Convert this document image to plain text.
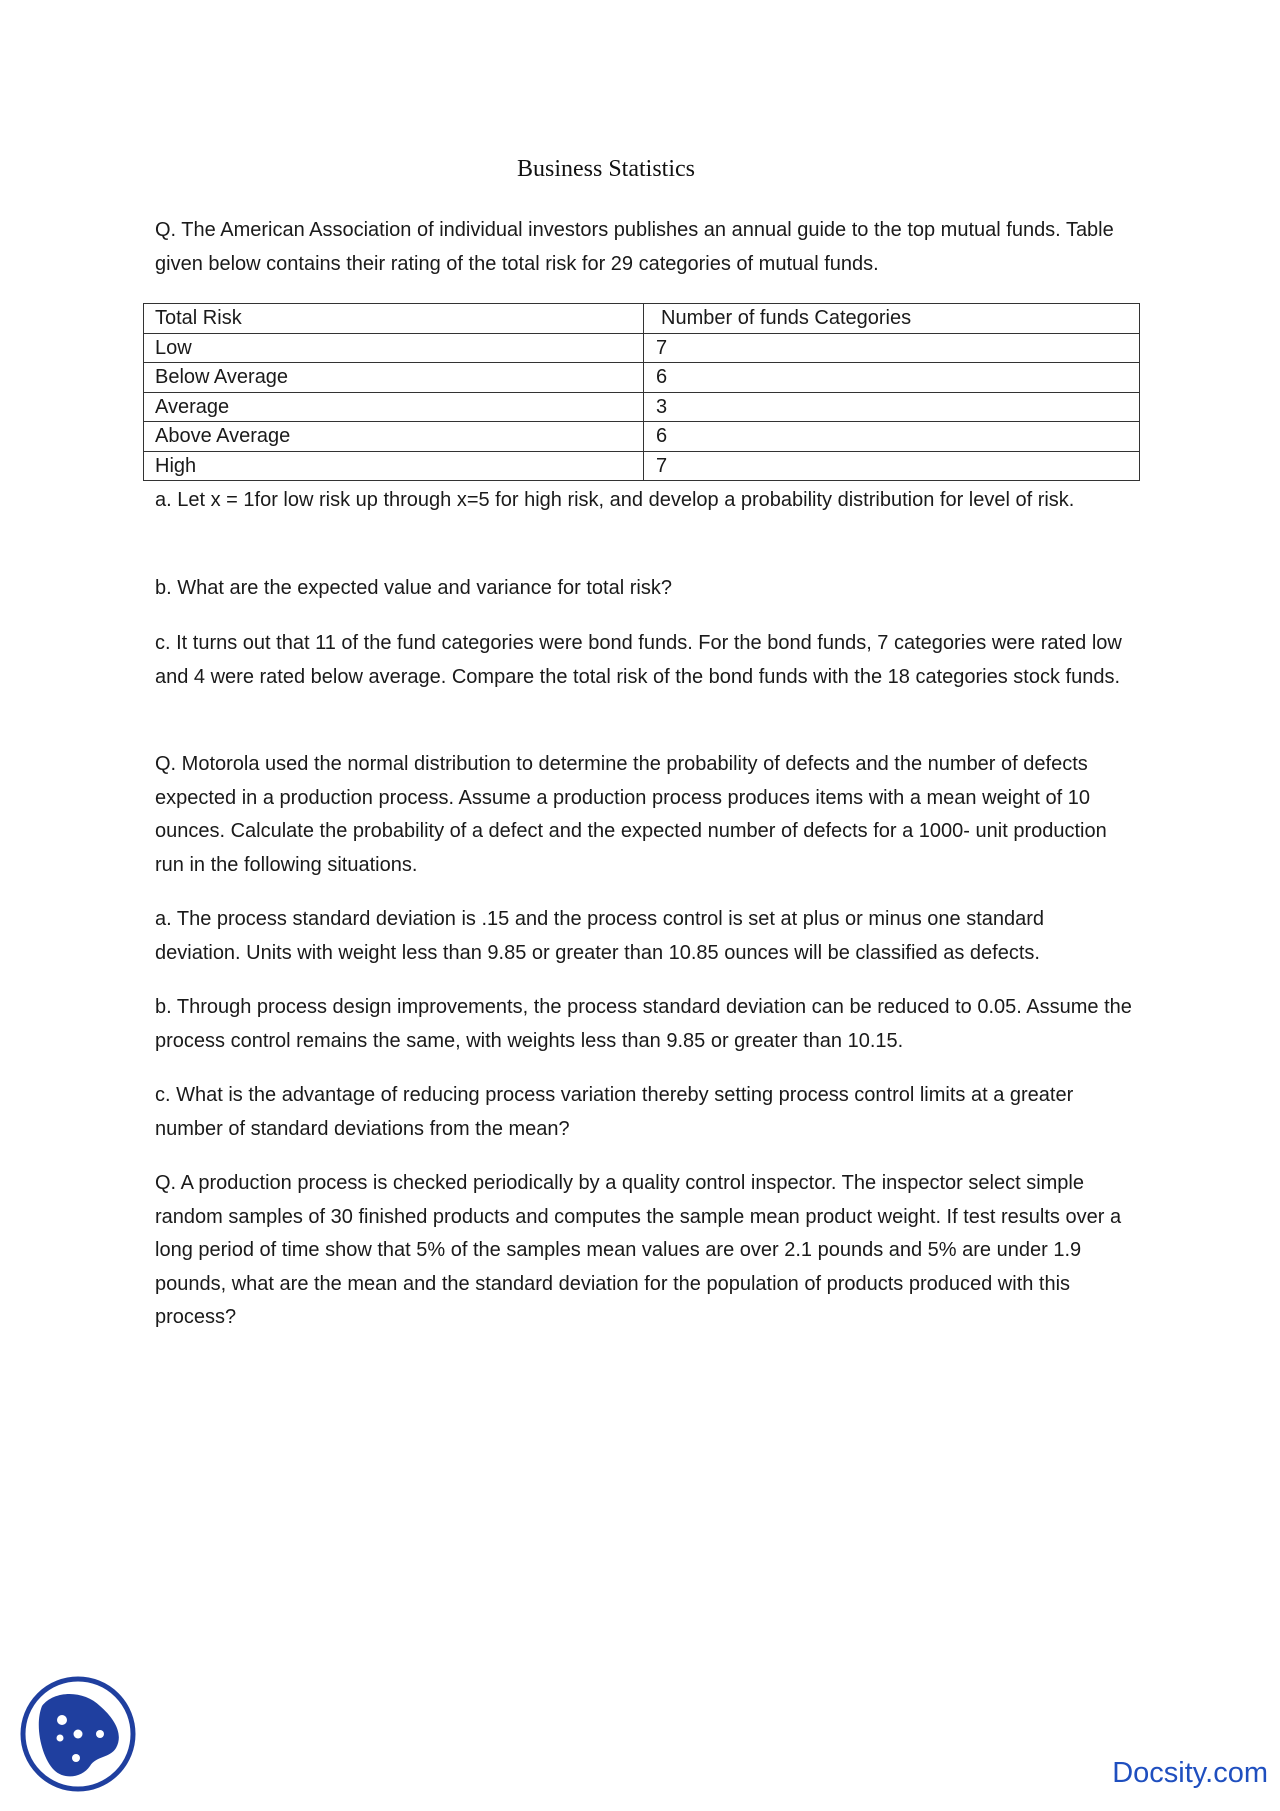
Business Statistics

Q. The American Association of individual investors publishes an annual guide to the top mutual funds. Table given below contains their rating of the total risk for 29 categories of mutual funds.

Total Risk	Number of funds Categories
Low	7
Below Average	6
Average	3
Above Average	6
High	7

a. Let x = 1for low risk up through x=5 for high risk, and develop a probability distribution for level of risk.

b. What are the expected value and variance for total risk?

c. It turns out that 11 of the fund categories were bond funds. For the bond funds, 7 categories were rated low and 4 were rated below average. Compare the total risk of the bond funds with the 18 categories stock funds.

Q. Motorola used the normal distribution to determine the probability of defects and the number of defects expected in a production process. Assume a production process produces items with a mean weight of 10 ounces. Calculate the probability of a defect and the expected number of defects for a 1000- unit production run in the following situations.

a. The process standard deviation is .15 and the process control is set at plus or minus one standard deviation. Units with weight less than 9.85 or greater than 10.85 ounces will be classified as defects.

b. Through process design improvements, the process standard deviation can be reduced to 0.05. Assume the process control remains the same, with weights less than 9.85 or greater than 10.15.

c. What is the advantage of reducing process variation thereby setting process control limits at a greater number of standard deviations from the mean?

Q. A production process is checked periodically by a quality control inspector. The inspector select simple random samples of 30 finished products and computes the sample mean product weight. If test results over a long period of time show that 5% of the samples mean values are over 2.1 pounds and 5% are under 1.9 pounds, what are the mean and the standard deviation for the population of products produced with this process?

Docsity.com
